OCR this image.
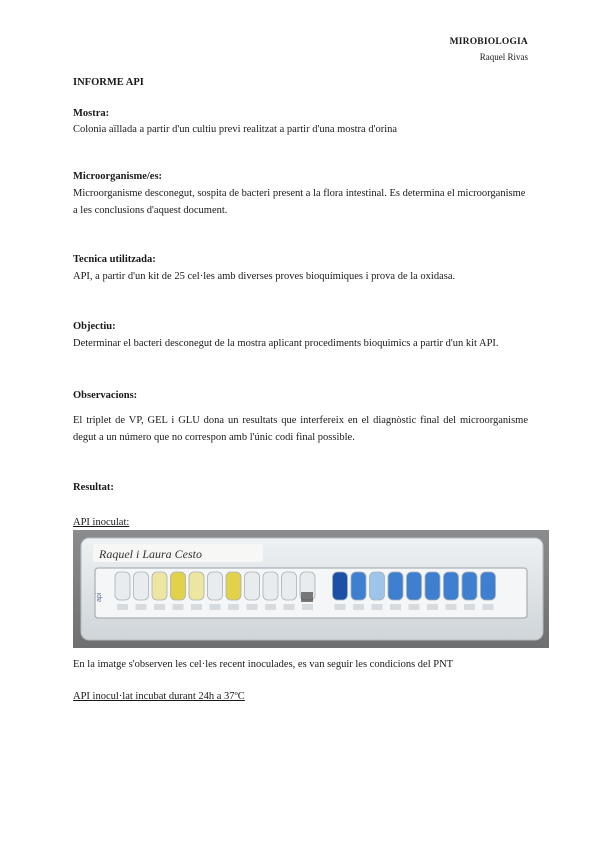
MIROBIOLOGIA
Raquel Rivas
INFORME API
Mostra:
Colonia aïllada a partir d'un cultiu previ realitzat a partir d'una mostra d'orina
Microorganisme/es:
Microorganisme desconegut, sospita de bacteri present a la flora intestinal. Es determina el microorganisme a les conclusions d'aquest document.
Tecnica utilitzada:
API, a partir d'un kit de 25 cel·les amb diverses proves bioquímiques i prova de la oxidasa.
Objectiu:
Determinar el bacteri desconegut de la mostra aplicant procediments bioquimics a partir d'un kit API.
Observacions:
El triplet de VP, GEL i GLU dona un resultats que interfereix en el diagnòstic final del microorganisme degut a un número que no correspon amb l'únic codi final possible.
Resultat:
API inoculat:
Raquel i Laura Cesto
api
En la imatge s'observen les cel·les recent inoculades, es van seguir les condicions del PNT
API inocul·lat incubat durant 24h a 37ºC
